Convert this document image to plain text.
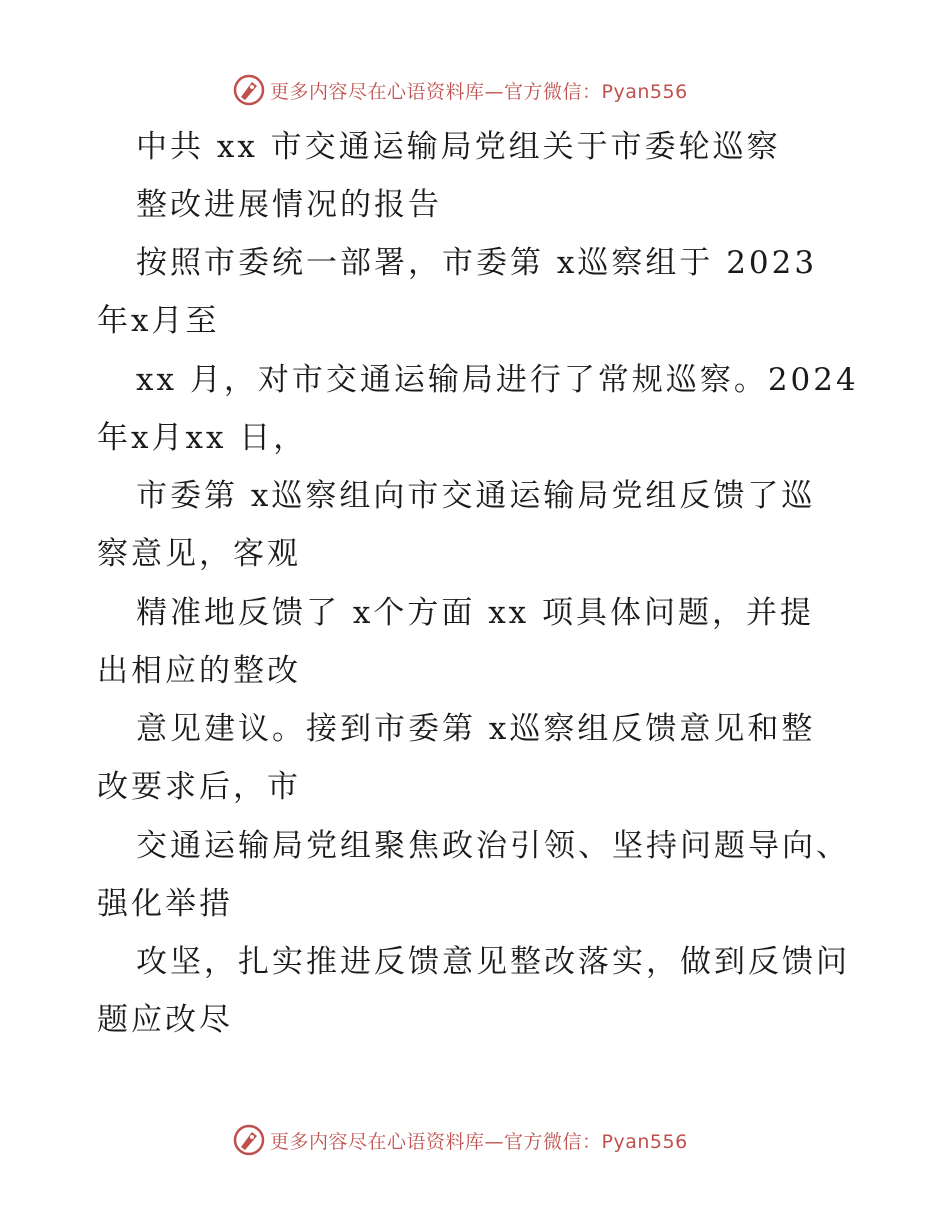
更多内容尽在心语资料库—官方微信：Pyan556
中共 xx 市交通运输局党组关于市委轮巡察
整改进展情况的报告
按照市委统一部署，市委第 x巡察组于 2023
年x月至
xx 月，对市交通运输局进行了常规巡察。2024
年x月xx 日，
市委第 x巡察组向市交通运输局党组反馈了巡
察意见，客观
精准地反馈了 x个方面 xx 项具体问题，并提
出相应的整改
意见建议。接到市委第 x巡察组反馈意见和整
改要求后，市
交通运输局党组聚焦政治引领、坚持问题导向、
强化举措
攻坚，扎实推进反馈意见整改落实，做到反馈问
题应改尽
更多内容尽在心语资料库—官方微信：Pyan556
